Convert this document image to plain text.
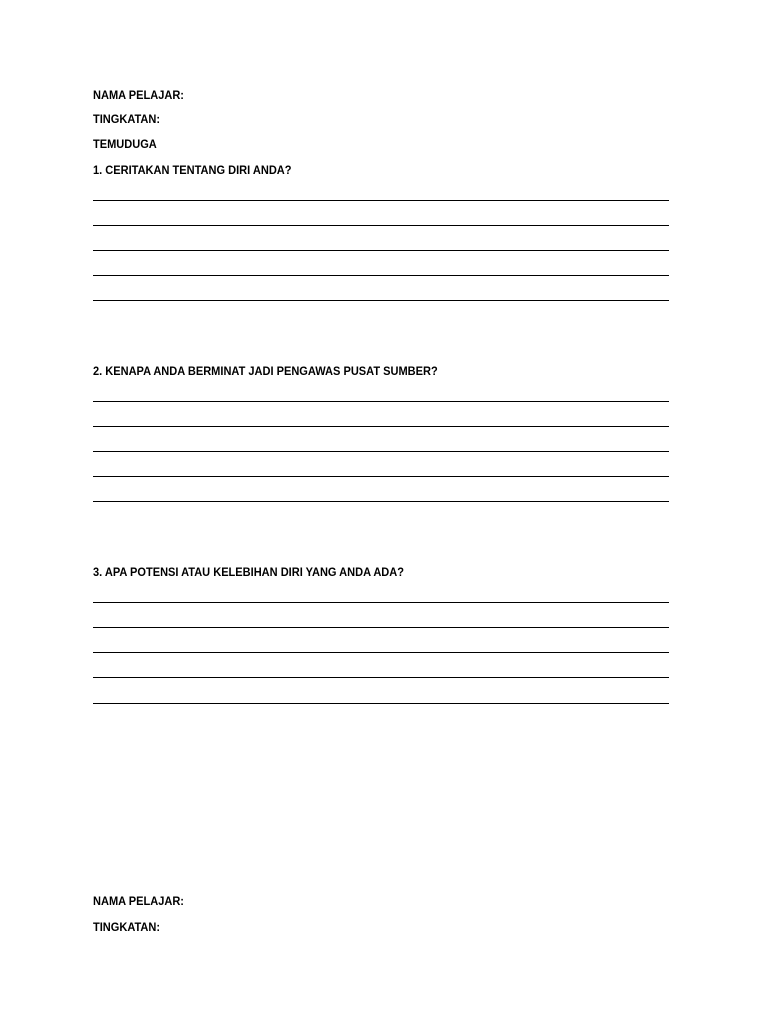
NAMA PELAJAR:
TINGKATAN:
TEMUDUGA
1. CERITAKAN TENTANG DIRI ANDA?
2. KENAPA ANDA BERMINAT JADI PENGAWAS PUSAT SUMBER?
3. APA POTENSI ATAU KELEBIHAN DIRI YANG ANDA ADA?
NAMA PELAJAR:
TINGKATAN:
